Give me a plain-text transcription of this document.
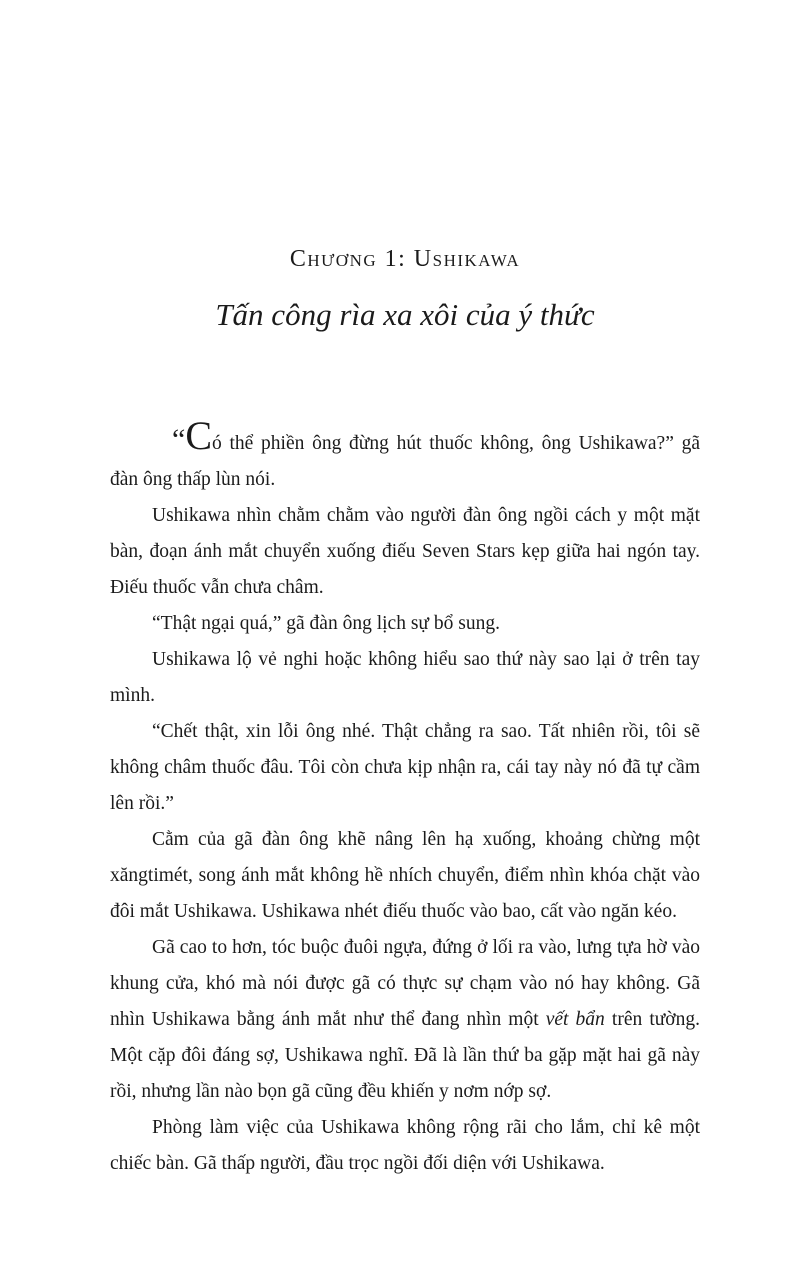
Chương 1: Ushikawa
Tấn công rìa xa xôi của ý thức

“Có thể phiền ông đừng hút thuốc không, ông Ushikawa?” gã đàn ông thấp lùn nói.

Ushikawa nhìn chằm chằm vào người đàn ông ngồi cách y một mặt bàn, đoạn ánh mắt chuyển xuống điếu Seven Stars kẹp giữa hai ngón tay. Điếu thuốc vẫn chưa châm.

“Thật ngại quá,” gã đàn ông lịch sự bổ sung.

Ushikawa lộ vẻ nghi hoặc không hiểu sao thứ này sao lại ở trên tay mình.

“Chết thật, xin lỗi ông nhé. Thật chẳng ra sao. Tất nhiên rồi, tôi sẽ không châm thuốc đâu. Tôi còn chưa kịp nhận ra, cái tay này nó đã tự cầm lên rồi.”

Cằm của gã đàn ông khẽ nâng lên hạ xuống, khoảng chừng một xăngtimét, song ánh mắt không hề nhích chuyển, điểm nhìn khóa chặt vào đôi mắt Ushikawa. Ushikawa nhét điếu thuốc vào bao, cất vào ngăn kéo.

Gã cao to hơn, tóc buộc đuôi ngựa, đứng ở lối ra vào, lưng tựa hờ vào khung cửa, khó mà nói được gã có thực sự chạm vào nó hay không. Gã nhìn Ushikawa bằng ánh mắt như thể đang nhìn một vết bẩn trên tường. Một cặp đôi đáng sợ, Ushikawa nghĩ. Đã là lần thứ ba gặp mặt hai gã này rồi, nhưng lần nào bọn gã cũng đều khiến y nơm nớp sợ.

Phòng làm việc của Ushikawa không rộng rãi cho lắm, chỉ kê một chiếc bàn. Gã thấp người, đầu trọc ngồi đối diện với Ushikawa.
